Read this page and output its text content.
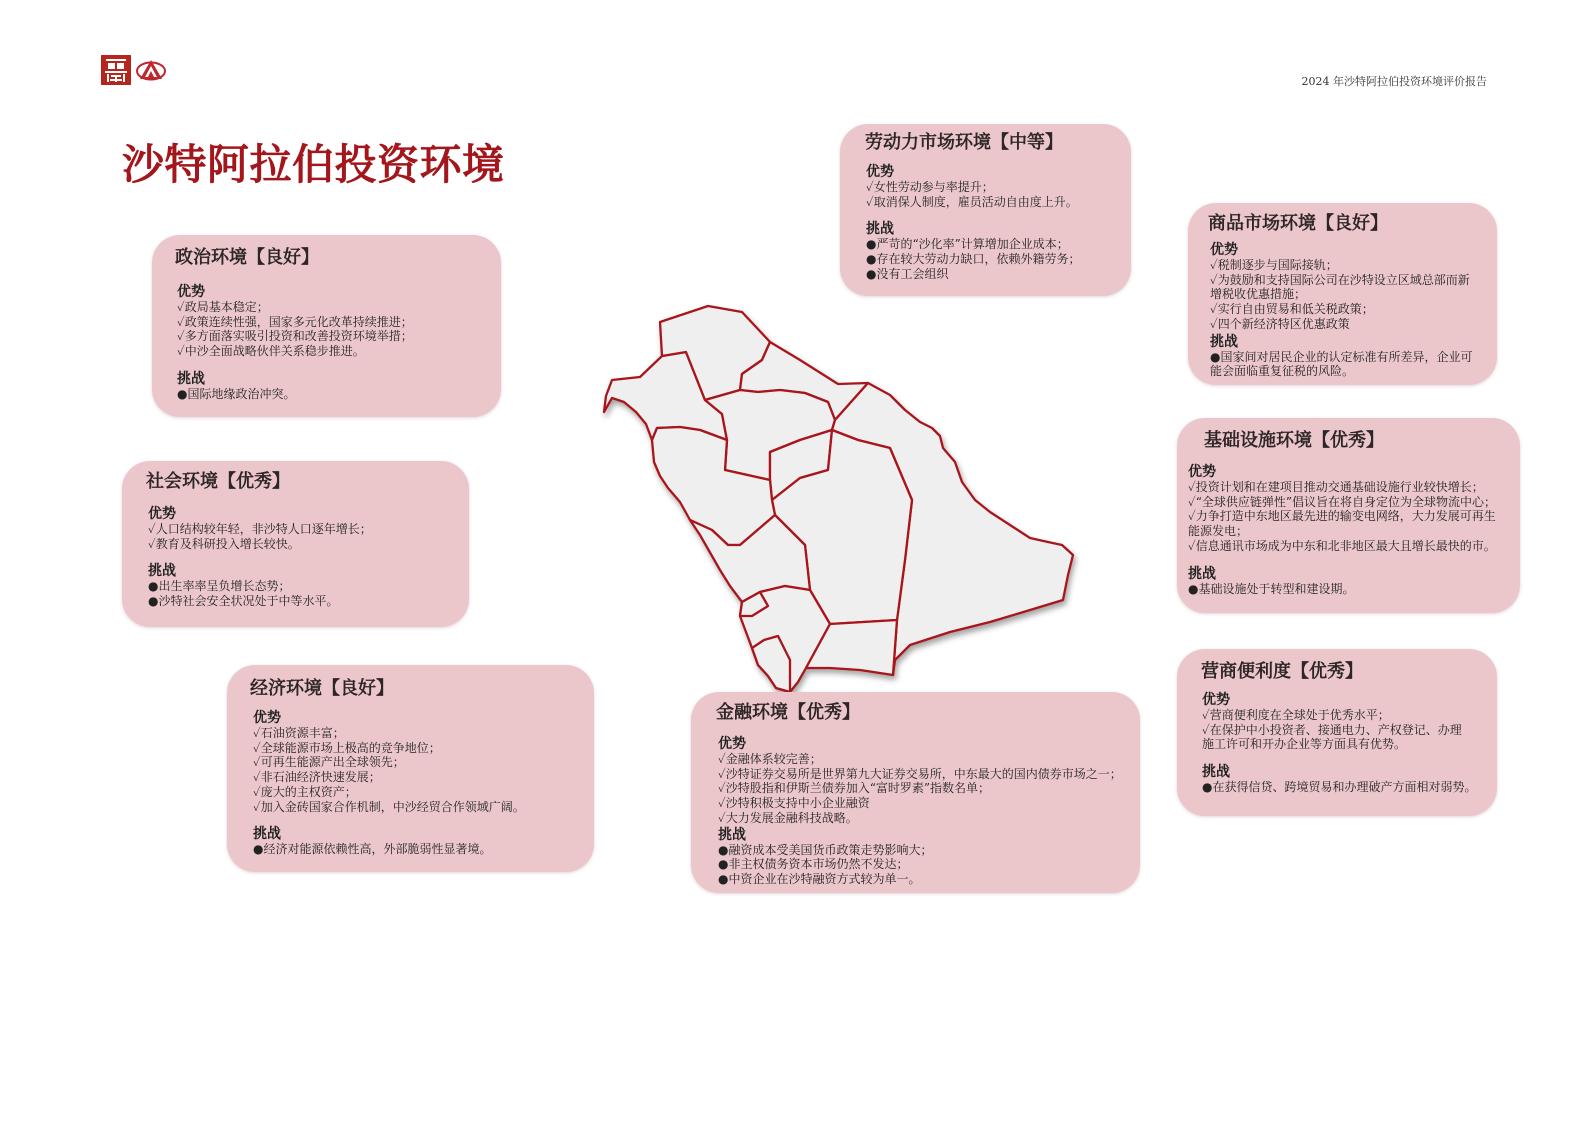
2024 年沙特阿拉伯投资环境评价报告
沙特阿拉伯投资环境
政治环境【良好】
优势
✓政局基本稳定；
✓政策连续性强，国家多元化改革持续推进；
✓多方面落实吸引投资和改善投资环境举措；
✓中沙全面战略伙伴关系稳步推进。
挑战
●国际地缘政治冲突。
社会环境【优秀】
优势
✓人口结构较年轻，非沙特人口逐年增长；
✓教育及科研投入增长较快。
挑战
●出生率率呈负增长态势；
●沙特社会安全状况处于中等水平。
经济环境【良好】
优势
✓石油资源丰富；
✓全球能源市场上极高的竞争地位；
✓可再生能源产出全球领先；
✓非石油经济快速发展；
✓庞大的主权资产；
✓加入金砖国家合作机制，中沙经贸合作领域广阔。
挑战
●经济对能源依赖性高，外部脆弱性显著境。
劳动力市场环境【中等】
优势
✓女性劳动参与率提升；
✓取消保人制度，雇员活动自由度上升。
挑战
●严苛的“沙化率”计算增加企业成本；
●存在较大劳动力缺口，依赖外籍劳务；
●没有工会组织
商品市场环境【良好】
优势
✓税制逐步与国际接轨；
✓为鼓励和支持国际公司在沙特设立区域总部而新
增税收优惠措施；
✓实行自由贸易和低关税政策；
✓四个新经济特区优惠政策
挑战
●国家间对居民企业的认定标准有所差异，企业可
能会面临重复征税的风险。
基础设施环境【优秀】
优势
✓投资计划和在建项目推动交通基础设施行业较快增长；
✓“全球供应链弹性”倡议旨在将自身定位为全球物流中心；
✓力争打造中东地区最先进的输变电网络，大力发展可再生
能源发电；
✓信息通讯市场成为中东和北非地区最大且增长最快的市。
挑战
●基础设施处于转型和建设期。
营商便利度【优秀】
优势
✓营商便利度在全球处于优秀水平；
✓在保护中小投资者、接通电力、产权登记、办理
施工许可和开办企业等方面具有优势。
挑战
●在获得信贷、跨境贸易和办理破产方面相对弱势。
金融环境【优秀】
优势
✓金融体系较完善；
✓沙特证券交易所是世界第九大证券交易所，中东最大的国内债券市场之一；
✓沙特股指和伊斯兰债券加入“富时罗素”指数名单；
✓沙特积极支持中小企业融资
✓大力发展金融科技战略。
挑战
●融资成本受美国货币政策走势影响大；
●非主权债务资本市场仍然不发达；
●中资企业在沙特融资方式较为单一。
